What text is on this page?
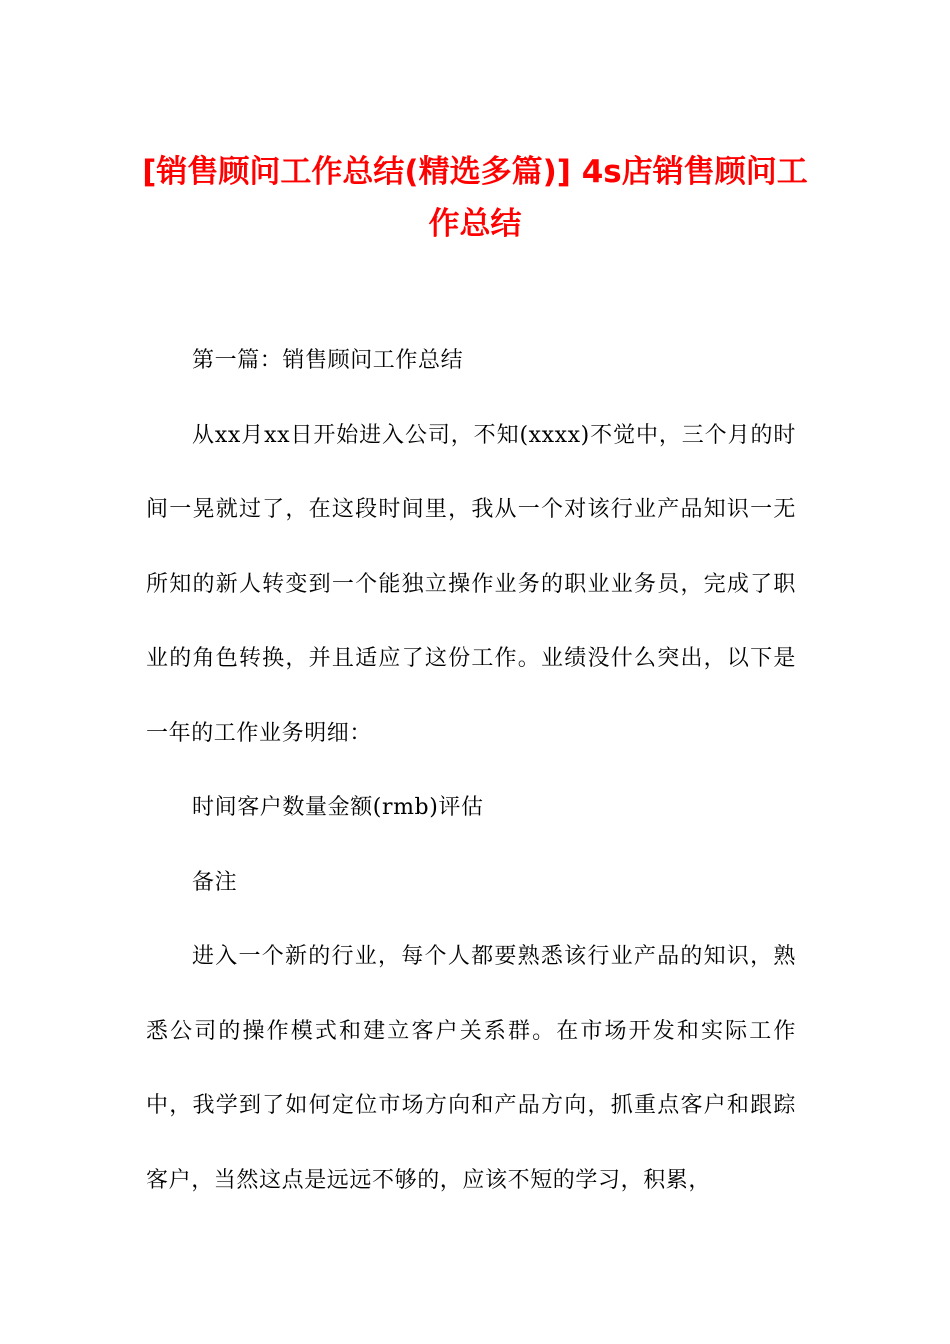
[销售顾问工作总结(精选多篇)] 4s店销售顾问工作总结

第一篇：销售顾问工作总结

从xx月xx日开始进入公司，不知(xxxx)不觉中，三个月的时间一晃就过了，在这段时间里，我从一个对该行业产品知识一无所知的新人转变到一个能独立操作业务的职业业务员，完成了职业的角色转换，并且适应了这份工作。业绩没什么突出，以下是一年的工作业务明细：

时间客户数量金额(rmb)评估

备注

进入一个新的行业，每个人都要熟悉该行业产品的知识，熟悉公司的操作模式和建立客户关系群。在市场开发和实际工作中，我学到了如何定位市场方向和产品方向，抓重点客户和跟踪客户，当然这点是远远不够的，应该不短的学习，积累，
